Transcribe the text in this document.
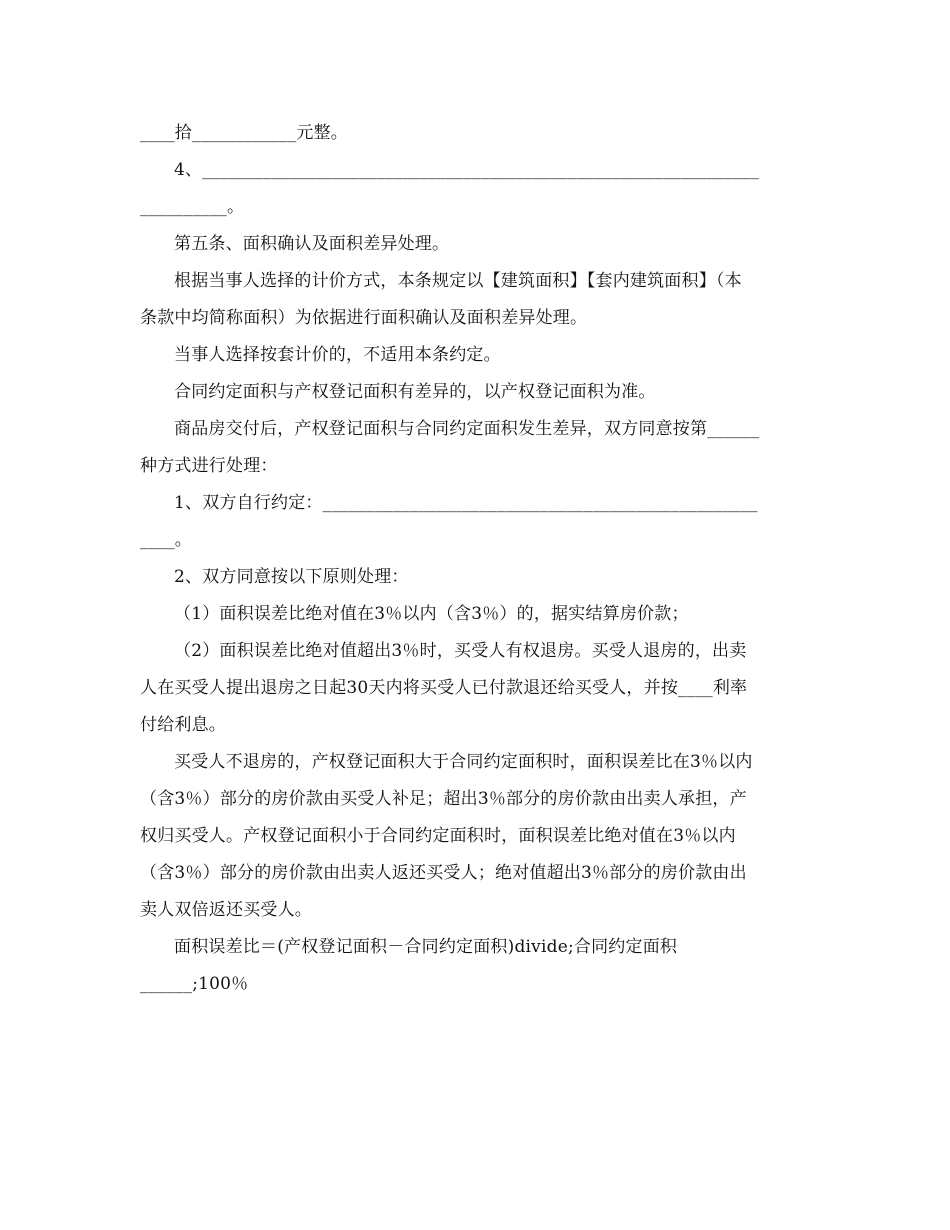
____拾____________元整。
4、________________________________________________________________
__________。
第五条、面积确认及面积差异处理。
根据当事人选择的计价方式，本条规定以【建筑面积】【套内建筑面积】（本
条款中均简称面积）为依据进行面积确认及面积差异处理。
当事人选择按套计价的，不适用本条约定。
合同约定面积与产权登记面积有差异的，以产权登记面积为准。
商品房交付后，产权登记面积与合同约定面积发生差异，双方同意按第______
种方式进行处理：
1、双方自行约定：__________________________________________________
____。
2、双方同意按以下原则处理：
（1）面积误差比绝对值在3％以内（含3％）的，据实结算房价款；
（2）面积误差比绝对值超出3％时，买受人有权退房。买受人退房的，出卖
人在买受人提出退房之日起30天内将买受人已付款退还给买受人，并按____利率
付给利息。
买受人不退房的，产权登记面积大于合同约定面积时，面积误差比在3％以内
（含3％）部分的房价款由买受人补足；超出3％部分的房价款由出卖人承担，产
权归买受人。产权登记面积小于合同约定面积时，面积误差比绝对值在3％以内
（含3％）部分的房价款由出卖人返还买受人；绝对值超出3％部分的房价款由出
卖人双倍返还买受人。
面积误差比＝(产权登记面积－合同约定面积)divide;合同约定面积
______;100％
